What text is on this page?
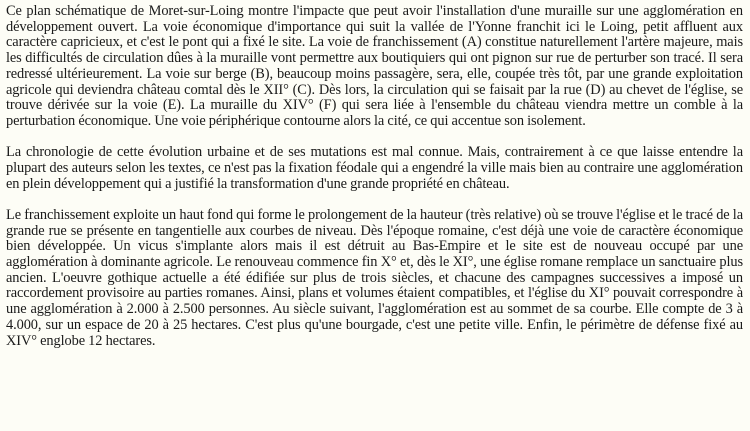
Ce plan schématique de Moret-sur-Loing montre l'impacte que peut avoir l'installation d'une muraille sur une agglomération en développement ouvert. La voie économique d'importance qui suit la vallée de l'Yonne franchit ici le Loing, petit affluent aux caractère capricieux, et c'est le pont qui a fixé le site. La voie de franchissement (A) constitue naturellement l'artère majeure, mais les difficultés de circulation dûes à la muraille vont permettre aux boutiquiers qui ont pignon sur rue de perturber son tracé. Il sera redressé ultérieurement. La voie sur berge (B), beaucoup moins passagère, sera, elle, coupée très tôt, par une grande exploitation agricole qui deviendra château comtal dès le XII° (C). Dès lors, la circulation qui se faisait par la rue (D) au chevet de l'église, se trouve dérivée sur la voie (E). La muraille du XIV° (F) qui sera liée à l'ensemble du château viendra mettre un comble à la perturbation économique. Une voie périphérique contourne alors la cité, ce qui accentue son isolement.

La chronologie de cette évolution urbaine et de ses mutations est mal connue. Mais, contrairement à ce que laisse entendre la plupart des auteurs selon les textes, ce n'est pas la fixation féodale qui a engendré la ville mais bien au contraire une agglomération en plein développement qui a justifié la transformation d'une grande propriété en château.

Le franchissement exploite un haut fond qui forme le prolongement de la hauteur (très relative) où se trouve l'église et le tracé de la grande rue se présente en tangentielle aux courbes de niveau. Dès l'époque romaine, c'est déjà une voie de caractère économique bien développée. Un vicus s'implante alors mais il est détruit au Bas-Empire et le site est de nouveau occupé par une agglomération à dominante agricole. Le renouveau commence fin X° et, dès le XI°, une église romane remplace un sanctuaire plus ancien. L'oeuvre gothique actuelle a été édifiée sur plus de trois siècles, et chacune des campagnes successives a imposé un raccordement provisoire au parties romanes. Ainsi, plans et volumes étaient compatibles, et l'église du XI° pouvait correspondre à une agglomération à 2.000 à 2.500 personnes. Au siècle suivant, l'agglomération est au sommet de sa courbe. Elle compte de 3 à 4.000, sur un espace de 20 à 25 hectares. C'est plus qu'une bourgade, c'est une petite ville. Enfin, le périmètre de défense fixé au XIV° englobe 12 hectares.
